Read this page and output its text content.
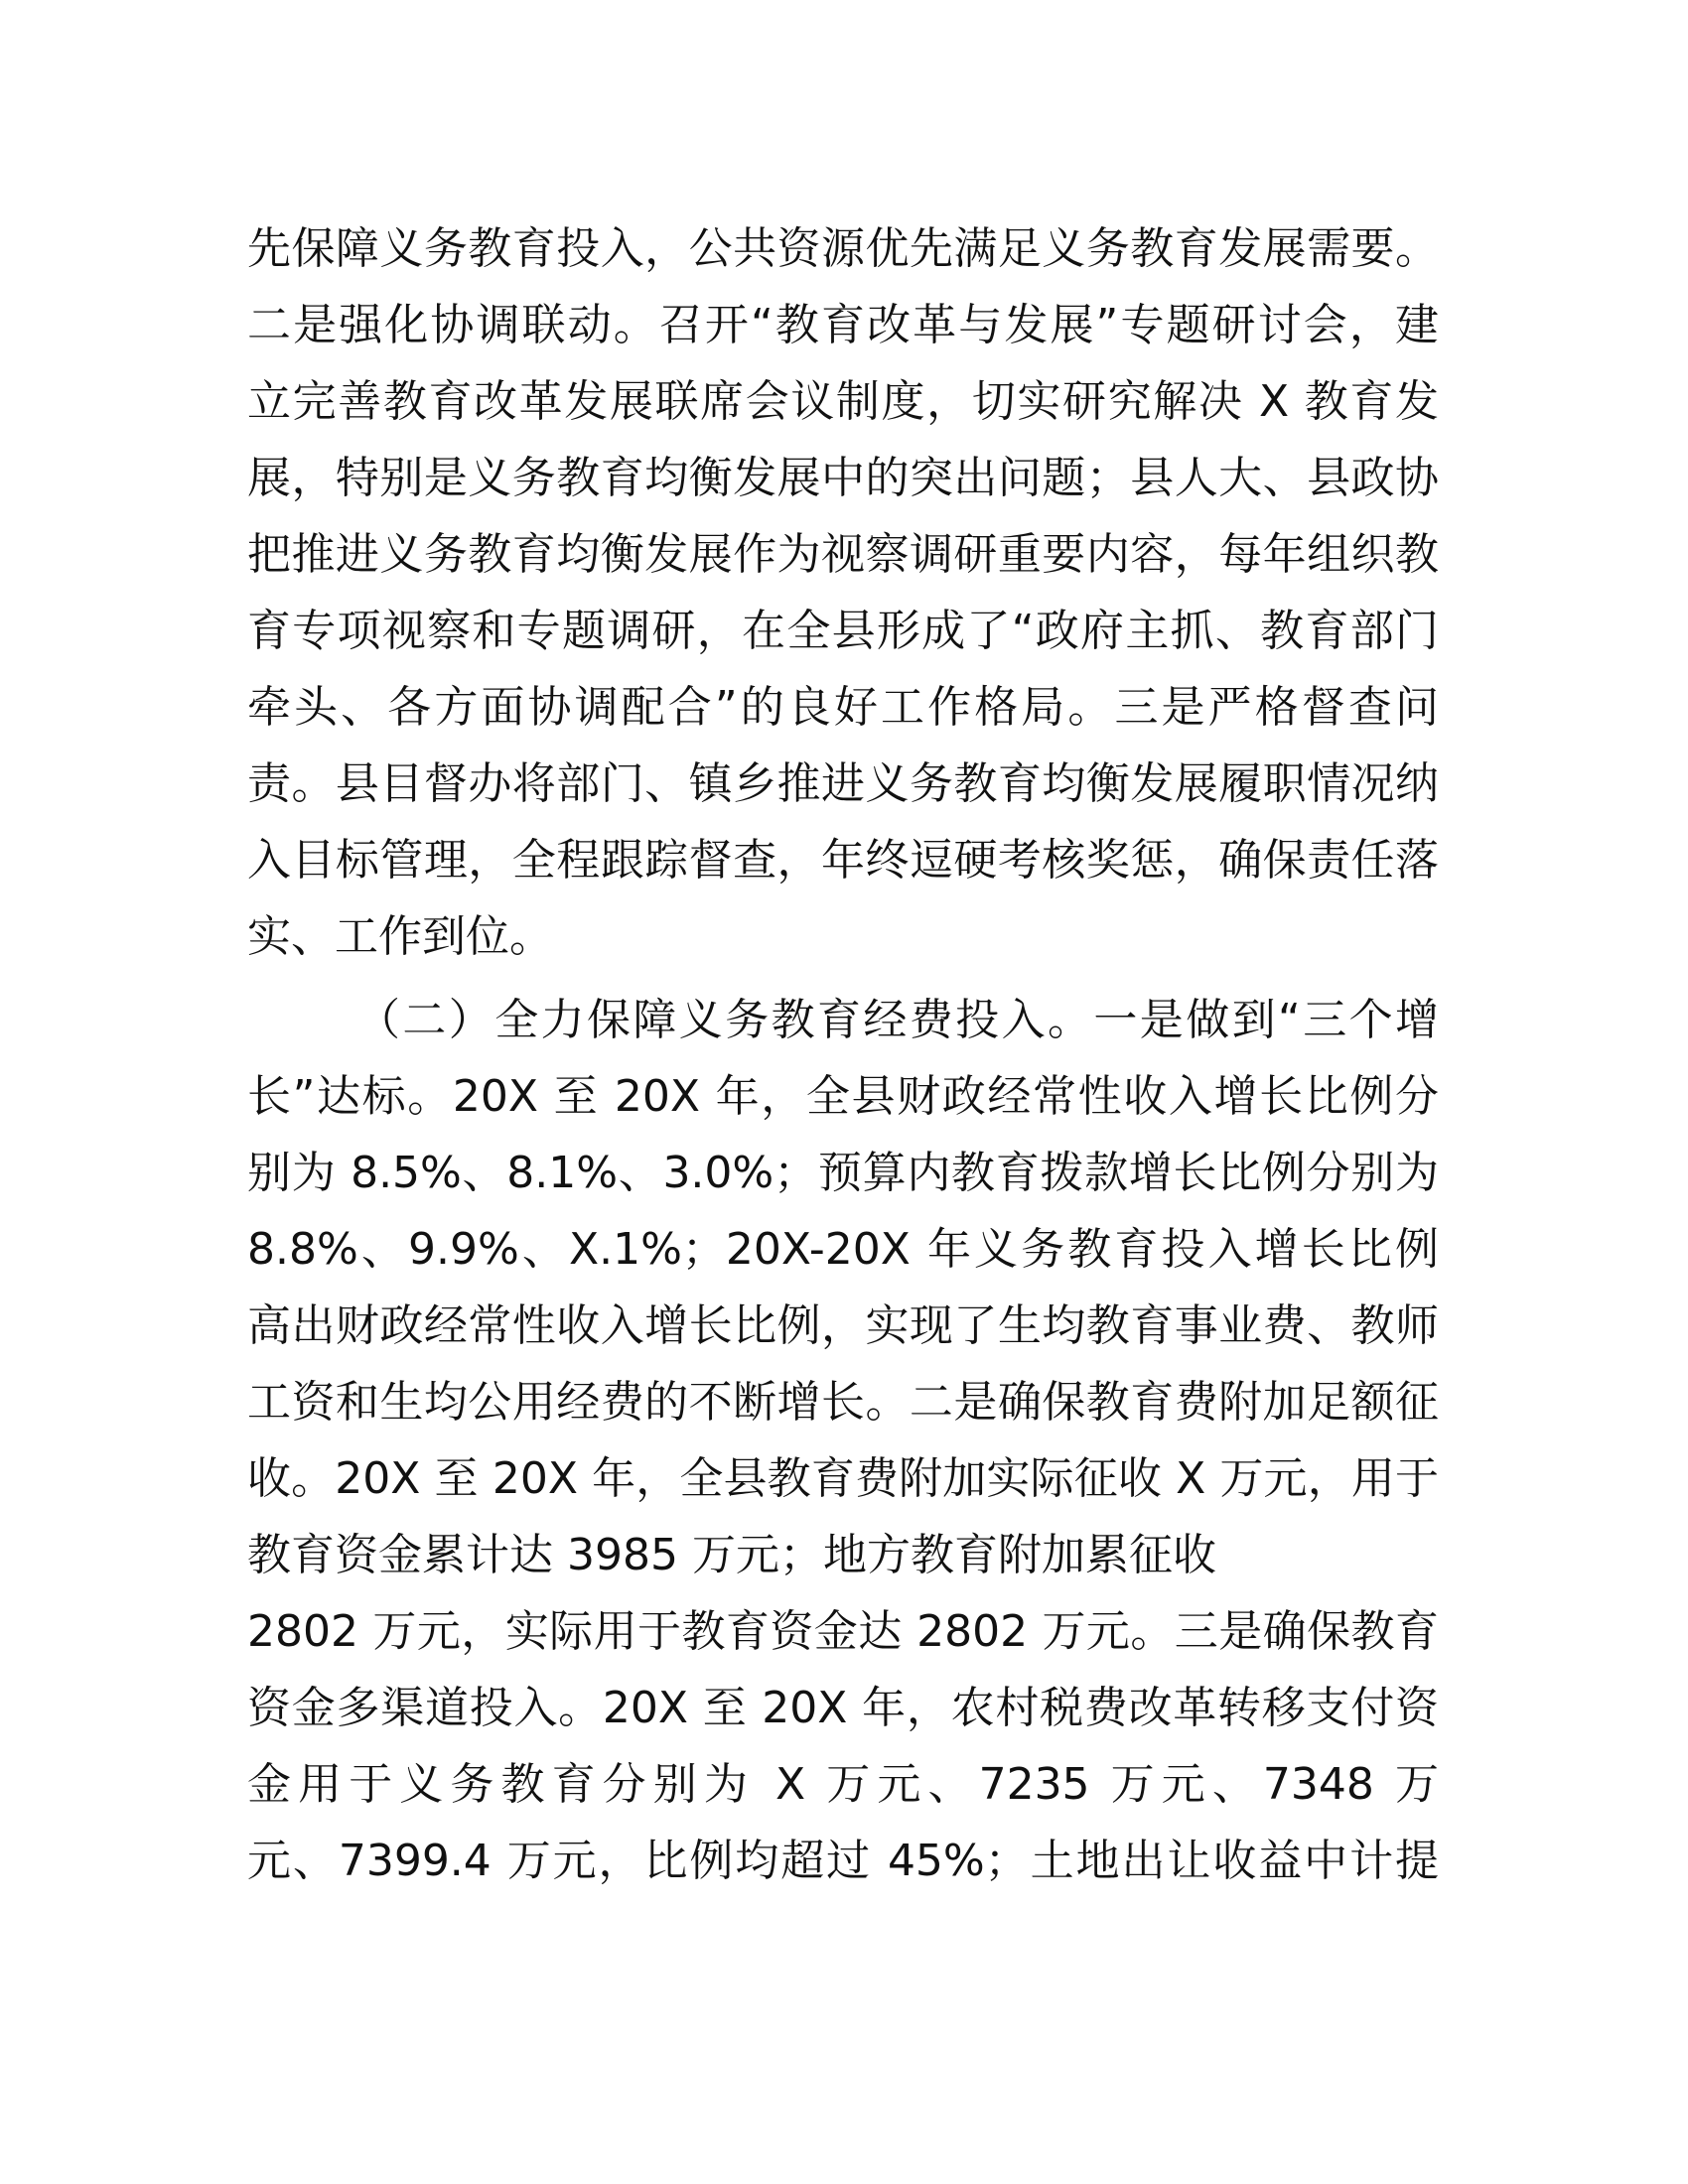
先保障义务教育投入，公共资源优先满足义务教育发展需要。
二是强化协调联动。召开“教育改革与发展”专题研讨会，建
立完善教育改革发展联席会议制度，切实研究解决 X 教育发
展，特别是义务教育均衡发展中的突出问题；县人大、县政协
把推进义务教育均衡发展作为视察调研重要内容，每年组织教
育专项视察和专题调研，在全县形成了“政府主抓、教育部门
牵头、各方面协调配合”的良好工作格局。三是严格督查问
责。县目督办将部门、镇乡推进义务教育均衡发展履职情况纳
入目标管理，全程跟踪督查，年终逗硬考核奖惩，确保责任落
实、工作到位。
（二）全力保障义务教育经费投入。一是做到“三个增
长”达标。20X 至 20X 年，全县财政经常性收入增长比例分
别为 8.5%、8.1%、3.0%；预算内教育拨款增长比例分别为
8.8%、9.9%、X.1%；20X-20X 年义务教育投入增长比例
高出财政经常性收入增长比例，实现了生均教育事业费、教师
工资和生均公用经费的不断增长。二是确保教育费附加足额征
收。20X 至 20X 年，全县教育费附加实际征收 X 万元，用于
教育资金累计达 3985 万元；地方教育附加累征收
2802 万元，实际用于教育资金达 2802 万元。三是确保教育
资金多渠道投入。20X 至 20X 年，农村税费改革转移支付资
金用于义务教育分别为 X 万元、7235 万元、7348 万
元、7399.4 万元，比例均超过 45%；土地出让收益中计提
